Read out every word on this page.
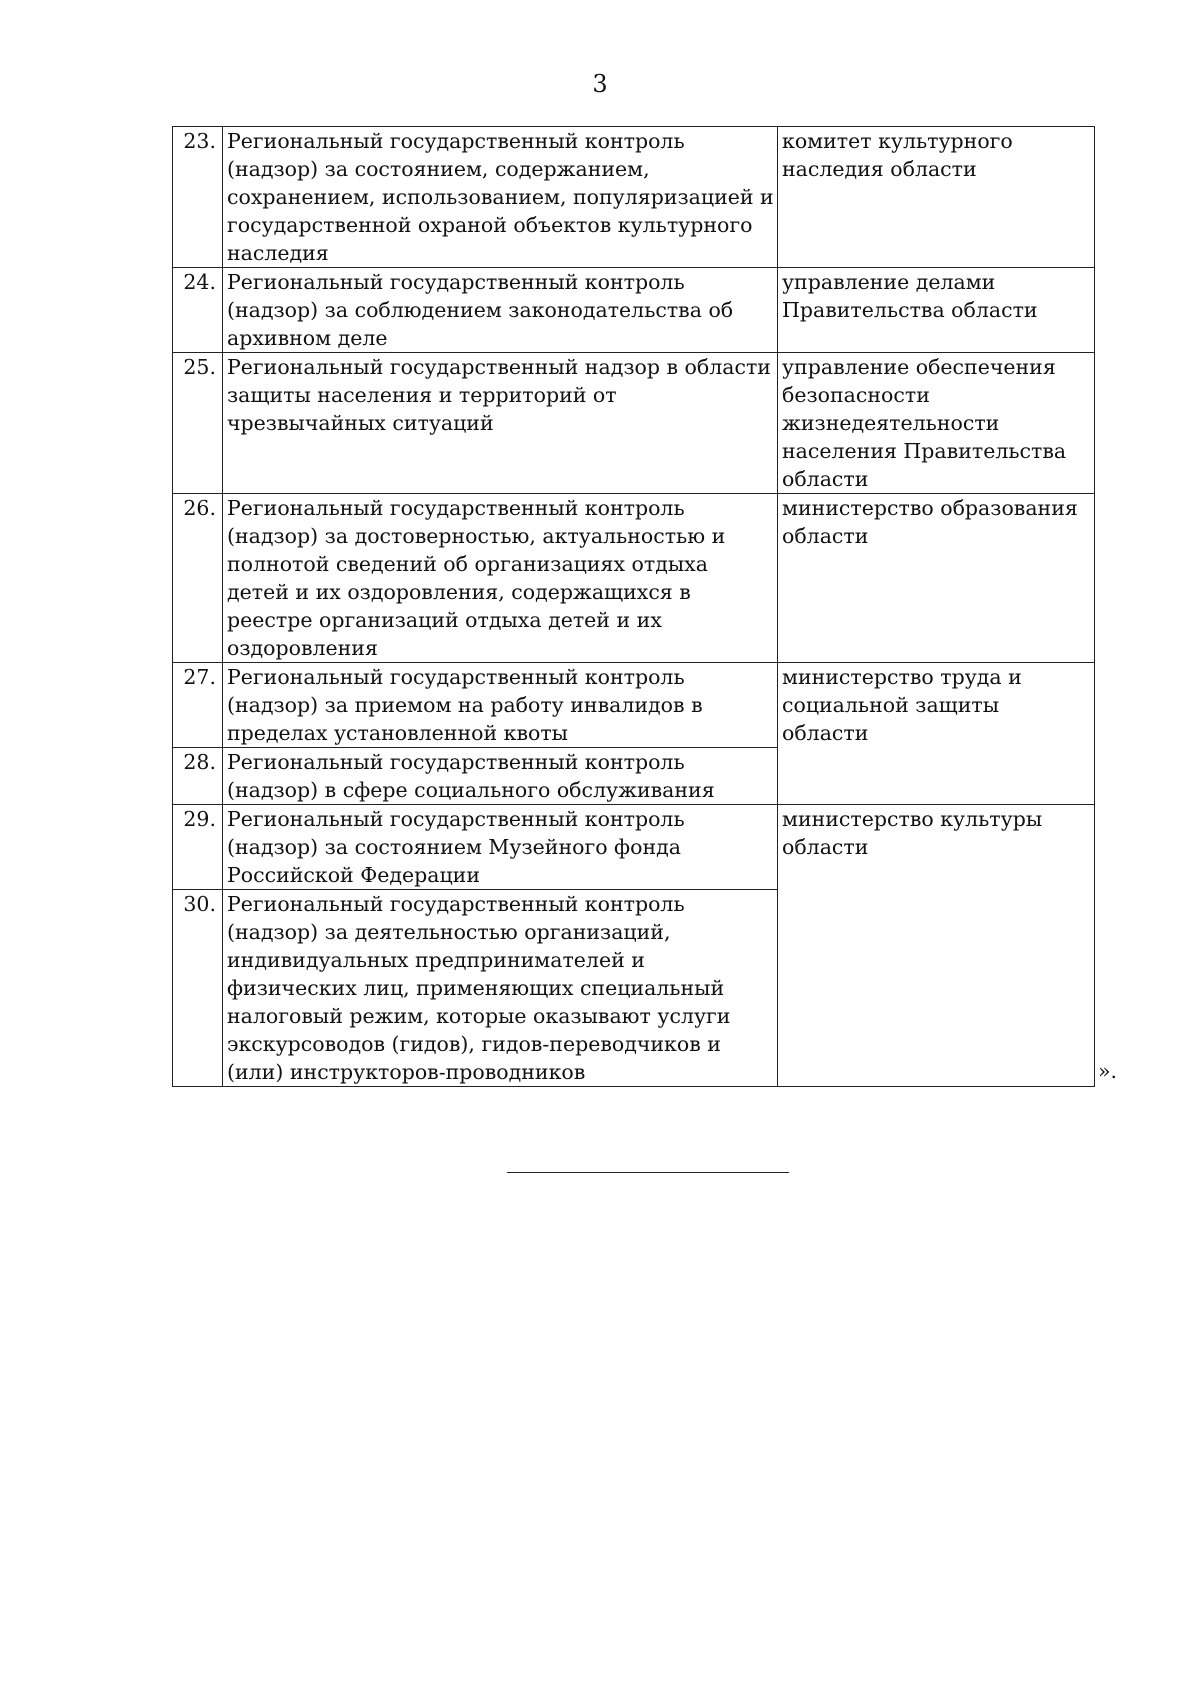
3
23.	Региональный государственный контроль (надзор) за состоянием, содержанием, сохранением, использованием, популяризацией и государственной охраной объектов культурного наследия	комитет культурного наследия области
24.	Региональный государственный контроль (надзор) за соблюдением законодательства об архивном деле	управление делами Правительства области
25.	Региональный государственный надзор в области защиты населения и территорий от чрезвычайных ситуаций	управление обеспечения безопасности жизнедеятельности населения Правительства области
26.	Региональный государственный контроль (надзор) за достоверностью, актуальностью и полнотой сведений об организациях отдыха детей и их оздоровления, содержащихся в реестре организаций отдыха детей и их оздоровления	министерство образования области
27.	Региональный государственный контроль (надзор) за приемом на работу инвалидов в пределах установленной квоты	министерство труда и социальной защиты области
28.	Региональный государственный контроль (надзор) в сфере социального обслуживания	
29.	Региональный государственный контроль (надзор) за состоянием Музейного фонда Российской Федерации	министерство культуры области
30.	Региональный государственный контроль (надзор) за деятельностью организаций, индивидуальных предпринимателей и физических лиц, применяющих специальный налоговый режим, которые оказывают услуги экскурсоводов (гидов), гидов-переводчиков и (или) инструкторов-проводников		».
